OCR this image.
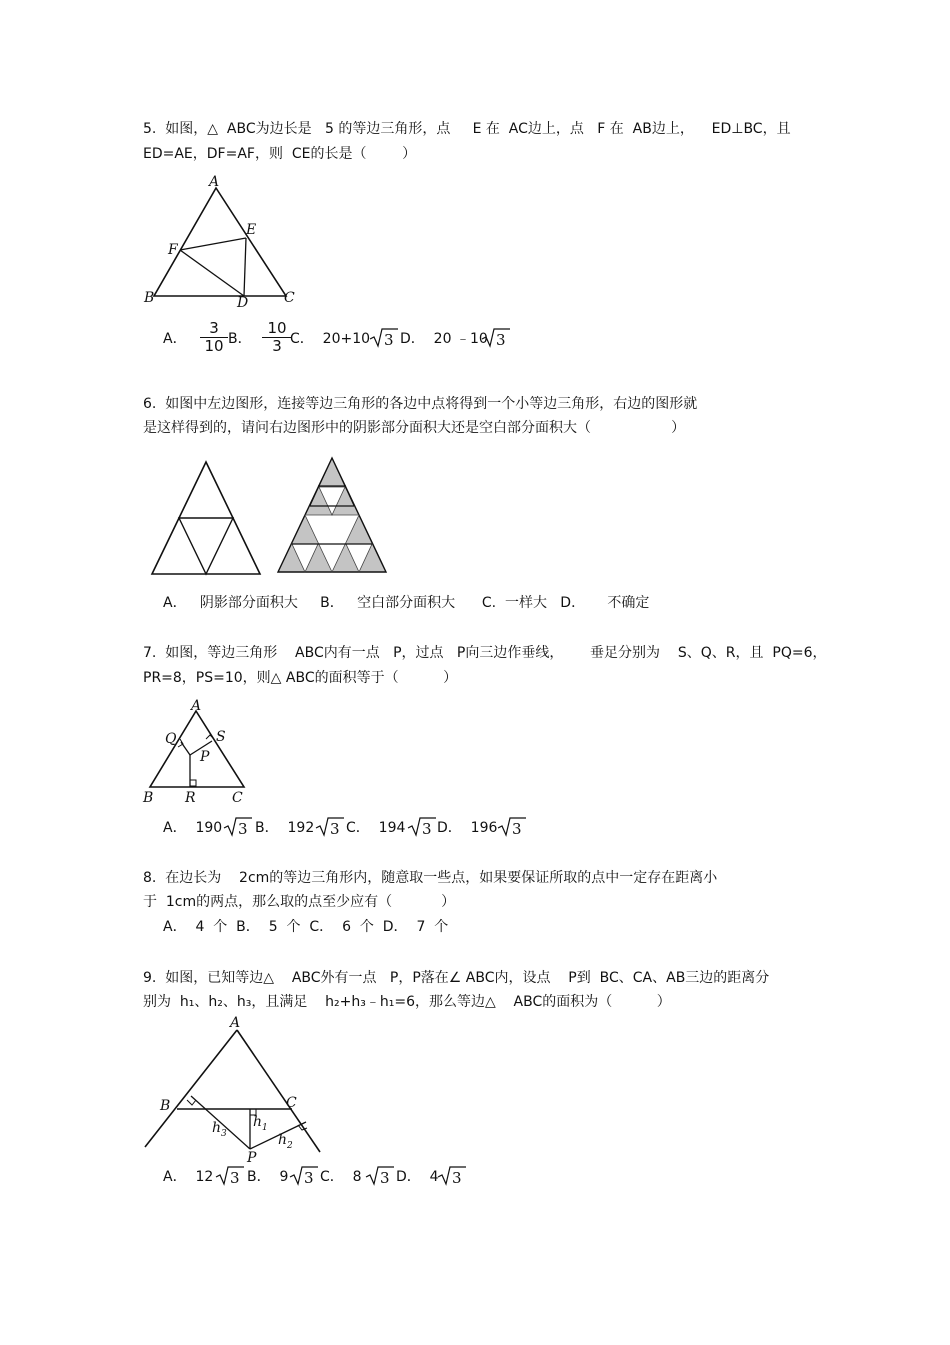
5.  如图，△  ABC为边长是   5 的等边三角形，点     E 在  AC边上，点   F 在  AB边上，    ED⊥BC，且
ED=AE，DF=AF，则  CE的长是（        ）
A
B	C
D
E
F
A． $\frac{3}{10}$ B． $\frac{10}{3}$
C．  20+10 3 D．  20 ﹣10 3
6.  如图中左边图形，连接等边三角形的各边中点将得到一个小等边三角形，右边的图形就
是这样得到的，请问右边图形中的阴影部分面积大还是空白部分面积大（                  ）
A．   阴影部分面积大     B．   空白部分面积大      C.  一样大   D．     不确定
7.  如图，等边三角形    ABC内有一点   P，过点   P向三边作垂线，      垂足分别为    S、Q、R，且  PQ=6，
PR=8，PS=10，则△ ABC的面积等于（          ）
A
B	C
P
Q
R
S
A．  190 3 B．  192 3 C．  194 3 D．  196 3
8.  在边长为    2cm的等边三角形内，随意取一些点，如果要保证所取的点中一定存在距离小
于  1cm的两点，那么取的点至少应有（           ）
A．  4  个  B．  5  个  C．  6  个  D．  7  个
9.  如图，已知等边△    ABC外有一点   P，P落在∠ ABC内，设点    P到  BC、CA、AB三边的距离分
别为  h₁、h₂、h₃，且满足    h₂+h₃﹣h₁=6，那么等边△    ABC的面积为（          ）
A
B	C
P
h 1
h 2
h 3
A．  12 3 B．  9 3 C．  8 3 D．  4 3
